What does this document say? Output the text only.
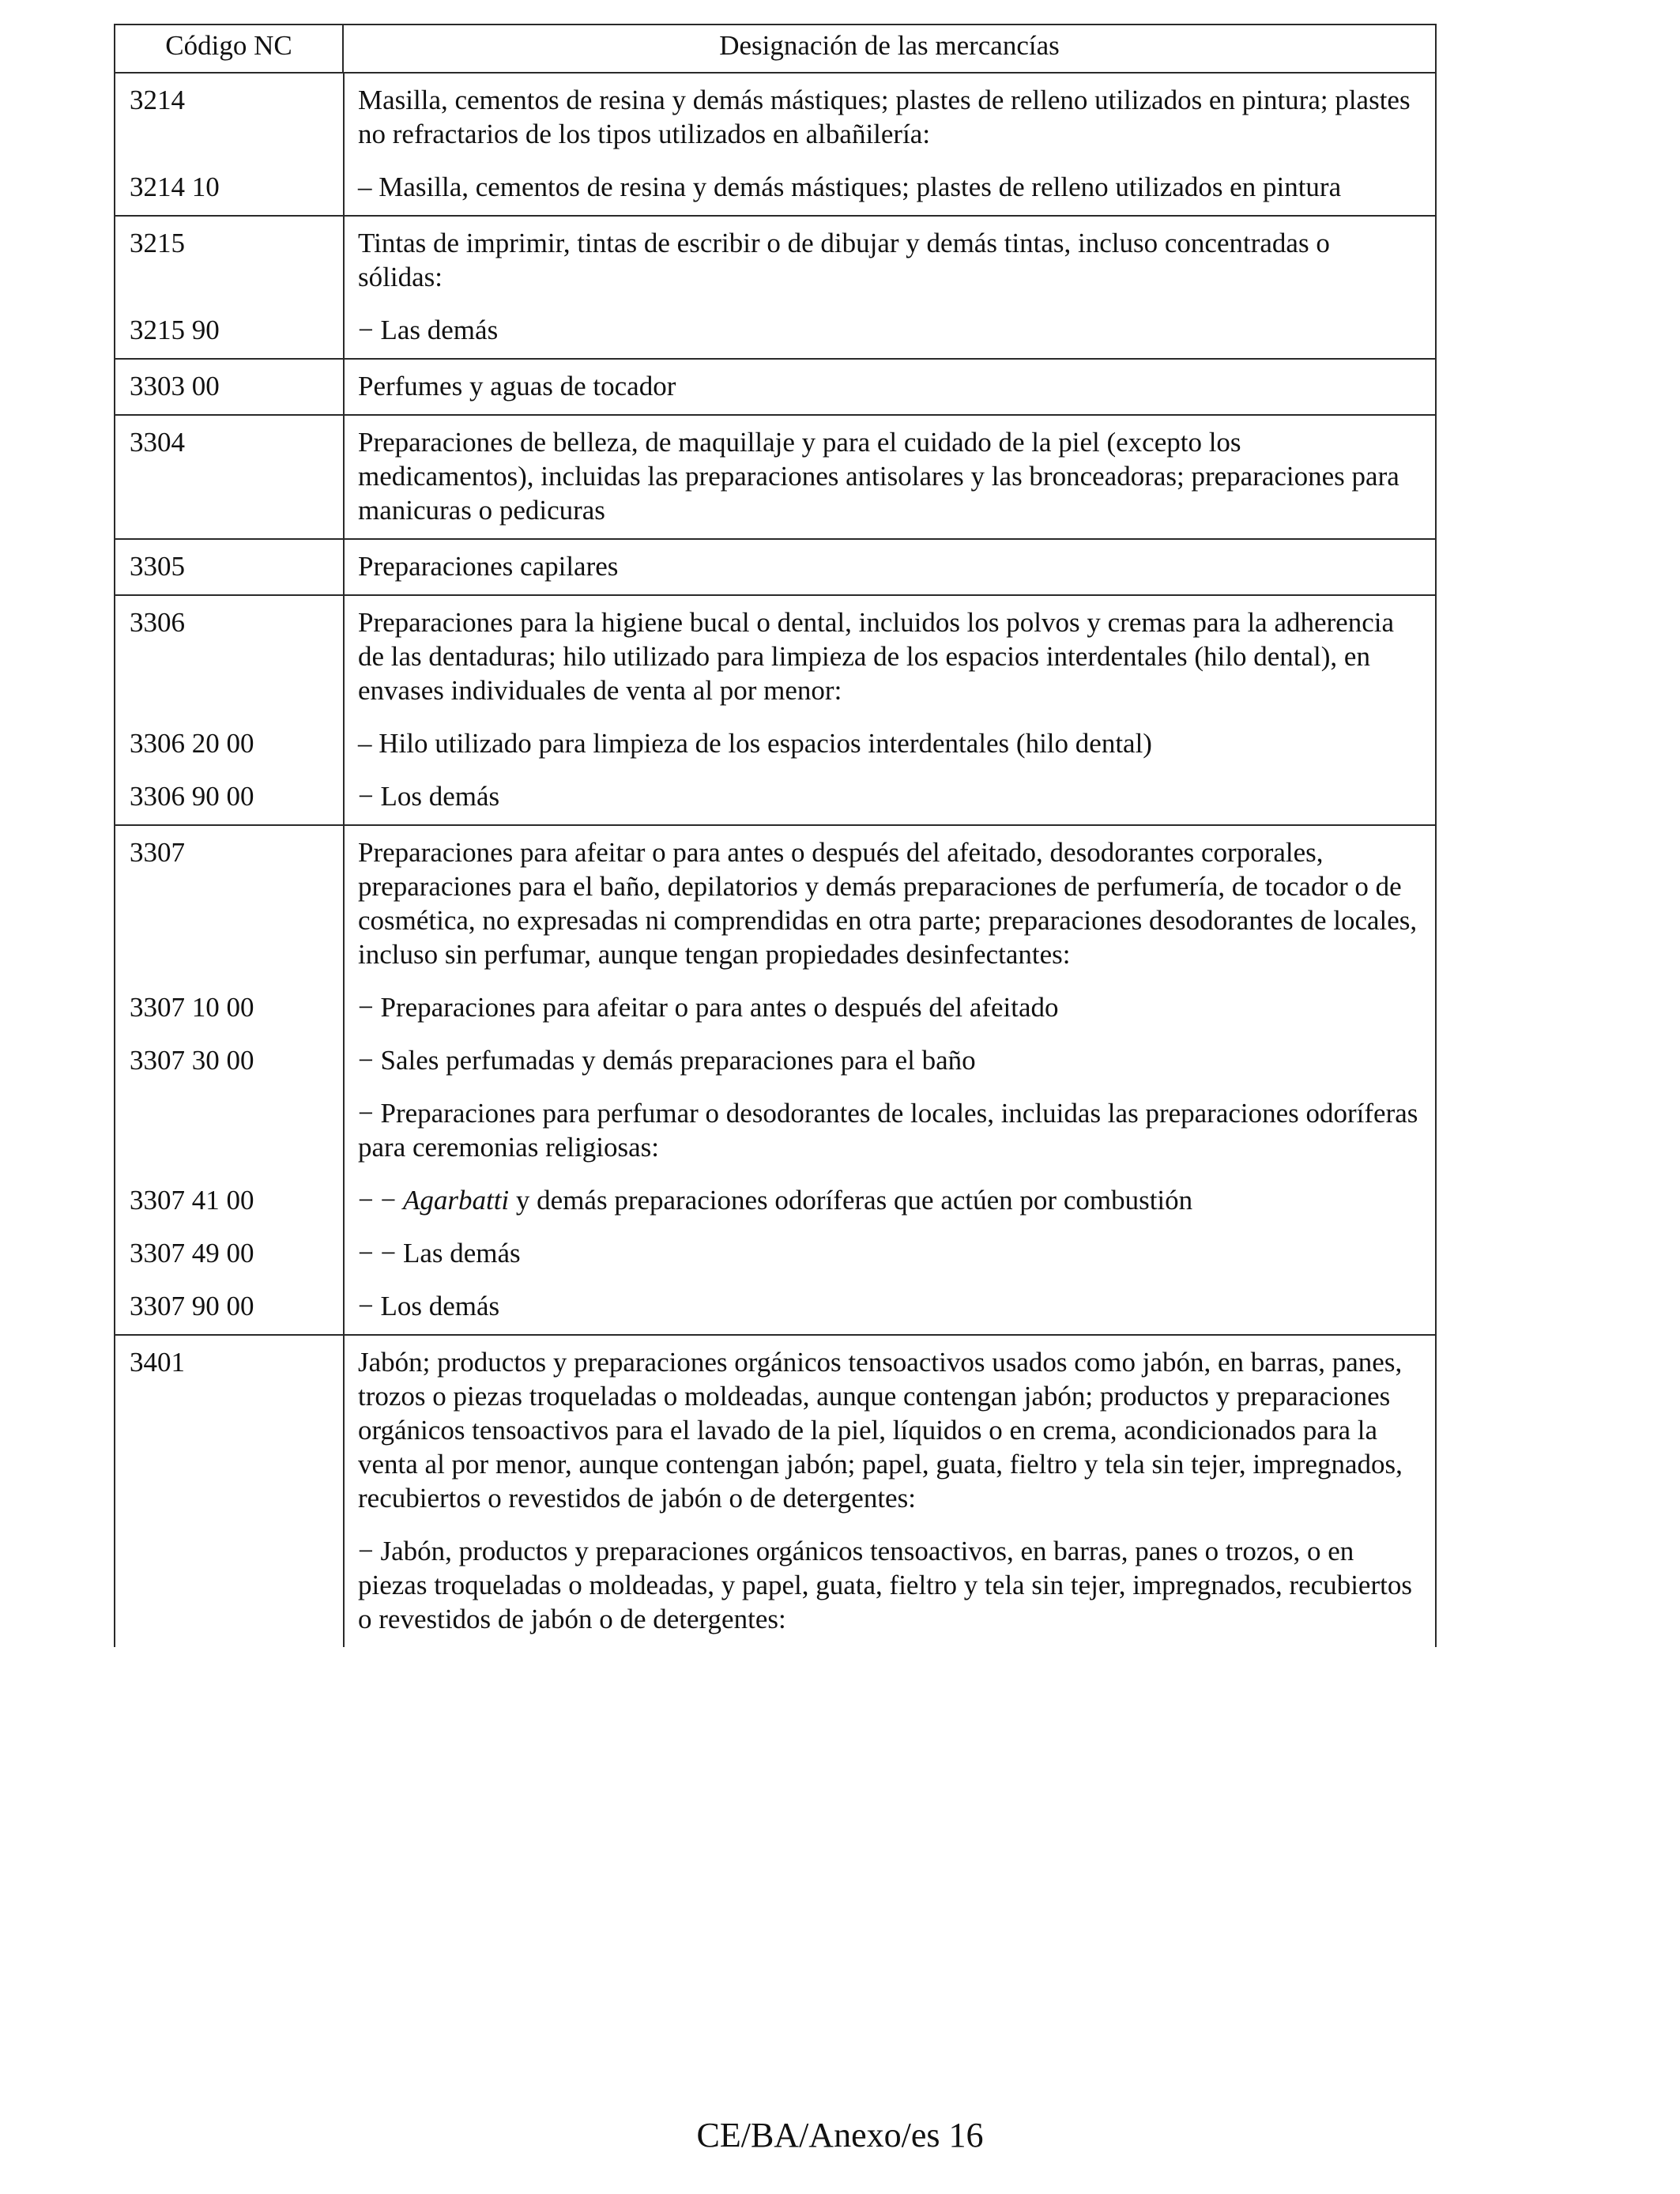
Código NC	Designación de las mercancías

3214	Masilla, cementos de resina y demás mástiques; plastes de relleno utilizados en pintura; plastes no refractarios de los tipos utilizados en albañilería:
3214 10	– Masilla, cementos de resina y demás mástiques; plastes de relleno utilizados en pintura

3215	Tintas de imprimir, tintas de escribir o de dibujar y demás tintas, incluso concentradas o sólidas:
3215 90	− Las demás

3303 00	Perfumes y aguas de tocador

3304	Preparaciones de belleza, de maquillaje y para el cuidado de la piel (excepto los medicamentos), incluidas las preparaciones antisolares y las bronceadoras; preparaciones para manicuras o pedicuras

3305	Preparaciones capilares

3306	Preparaciones para la higiene bucal o dental, incluidos los polvos y cremas para la adherencia de las dentaduras; hilo utilizado para limpieza de los espacios interdentales (hilo dental), en envases individuales de venta al por menor:
3306 20 00	– Hilo utilizado para limpieza de los espacios interdentales (hilo dental)
3306 90 00	− Los demás

3307	Preparaciones para afeitar o para antes o después del afeitado, desodorantes corporales, preparaciones para el baño, depilatorios y demás preparaciones de perfumería, de tocador o de cosmética, no expresadas ni comprendidas en otra parte; preparaciones desodorantes de locales, incluso sin perfumar, aunque tengan propiedades desinfectantes:
3307 10 00	− Preparaciones para afeitar o para antes o después del afeitado
3307 30 00	− Sales perfumadas y demás preparaciones para el baño
− Preparaciones para perfumar o desodorantes de locales, incluidas las preparaciones odoríferas para ceremonias religiosas:
3307 41 00	− − Agarbatti y demás preparaciones odoríferas que actúen por combustión
3307 49 00	− − Las demás
3307 90 00	− Los demás

3401	Jabón; productos y preparaciones orgánicos tensoactivos usados como jabón, en barras, panes, trozos o piezas troqueladas o moldeadas, aunque contengan jabón; productos y preparaciones orgánicos tensoactivos para el lavado de la piel, líquidos o en crema, acondicionados para la venta al por menor, aunque contengan jabón; papel, guata, fieltro y tela sin tejer, impregnados, recubiertos o revestidos de jabón o de detergentes:
− Jabón, productos y preparaciones orgánicos tensoactivos, en barras, panes o trozos, o en piezas troqueladas o moldeadas, y papel, guata, fieltro y tela sin tejer, impregnados, recubiertos o revestidos de jabón o de detergentes:
CE/BA/Anexo/es 16
